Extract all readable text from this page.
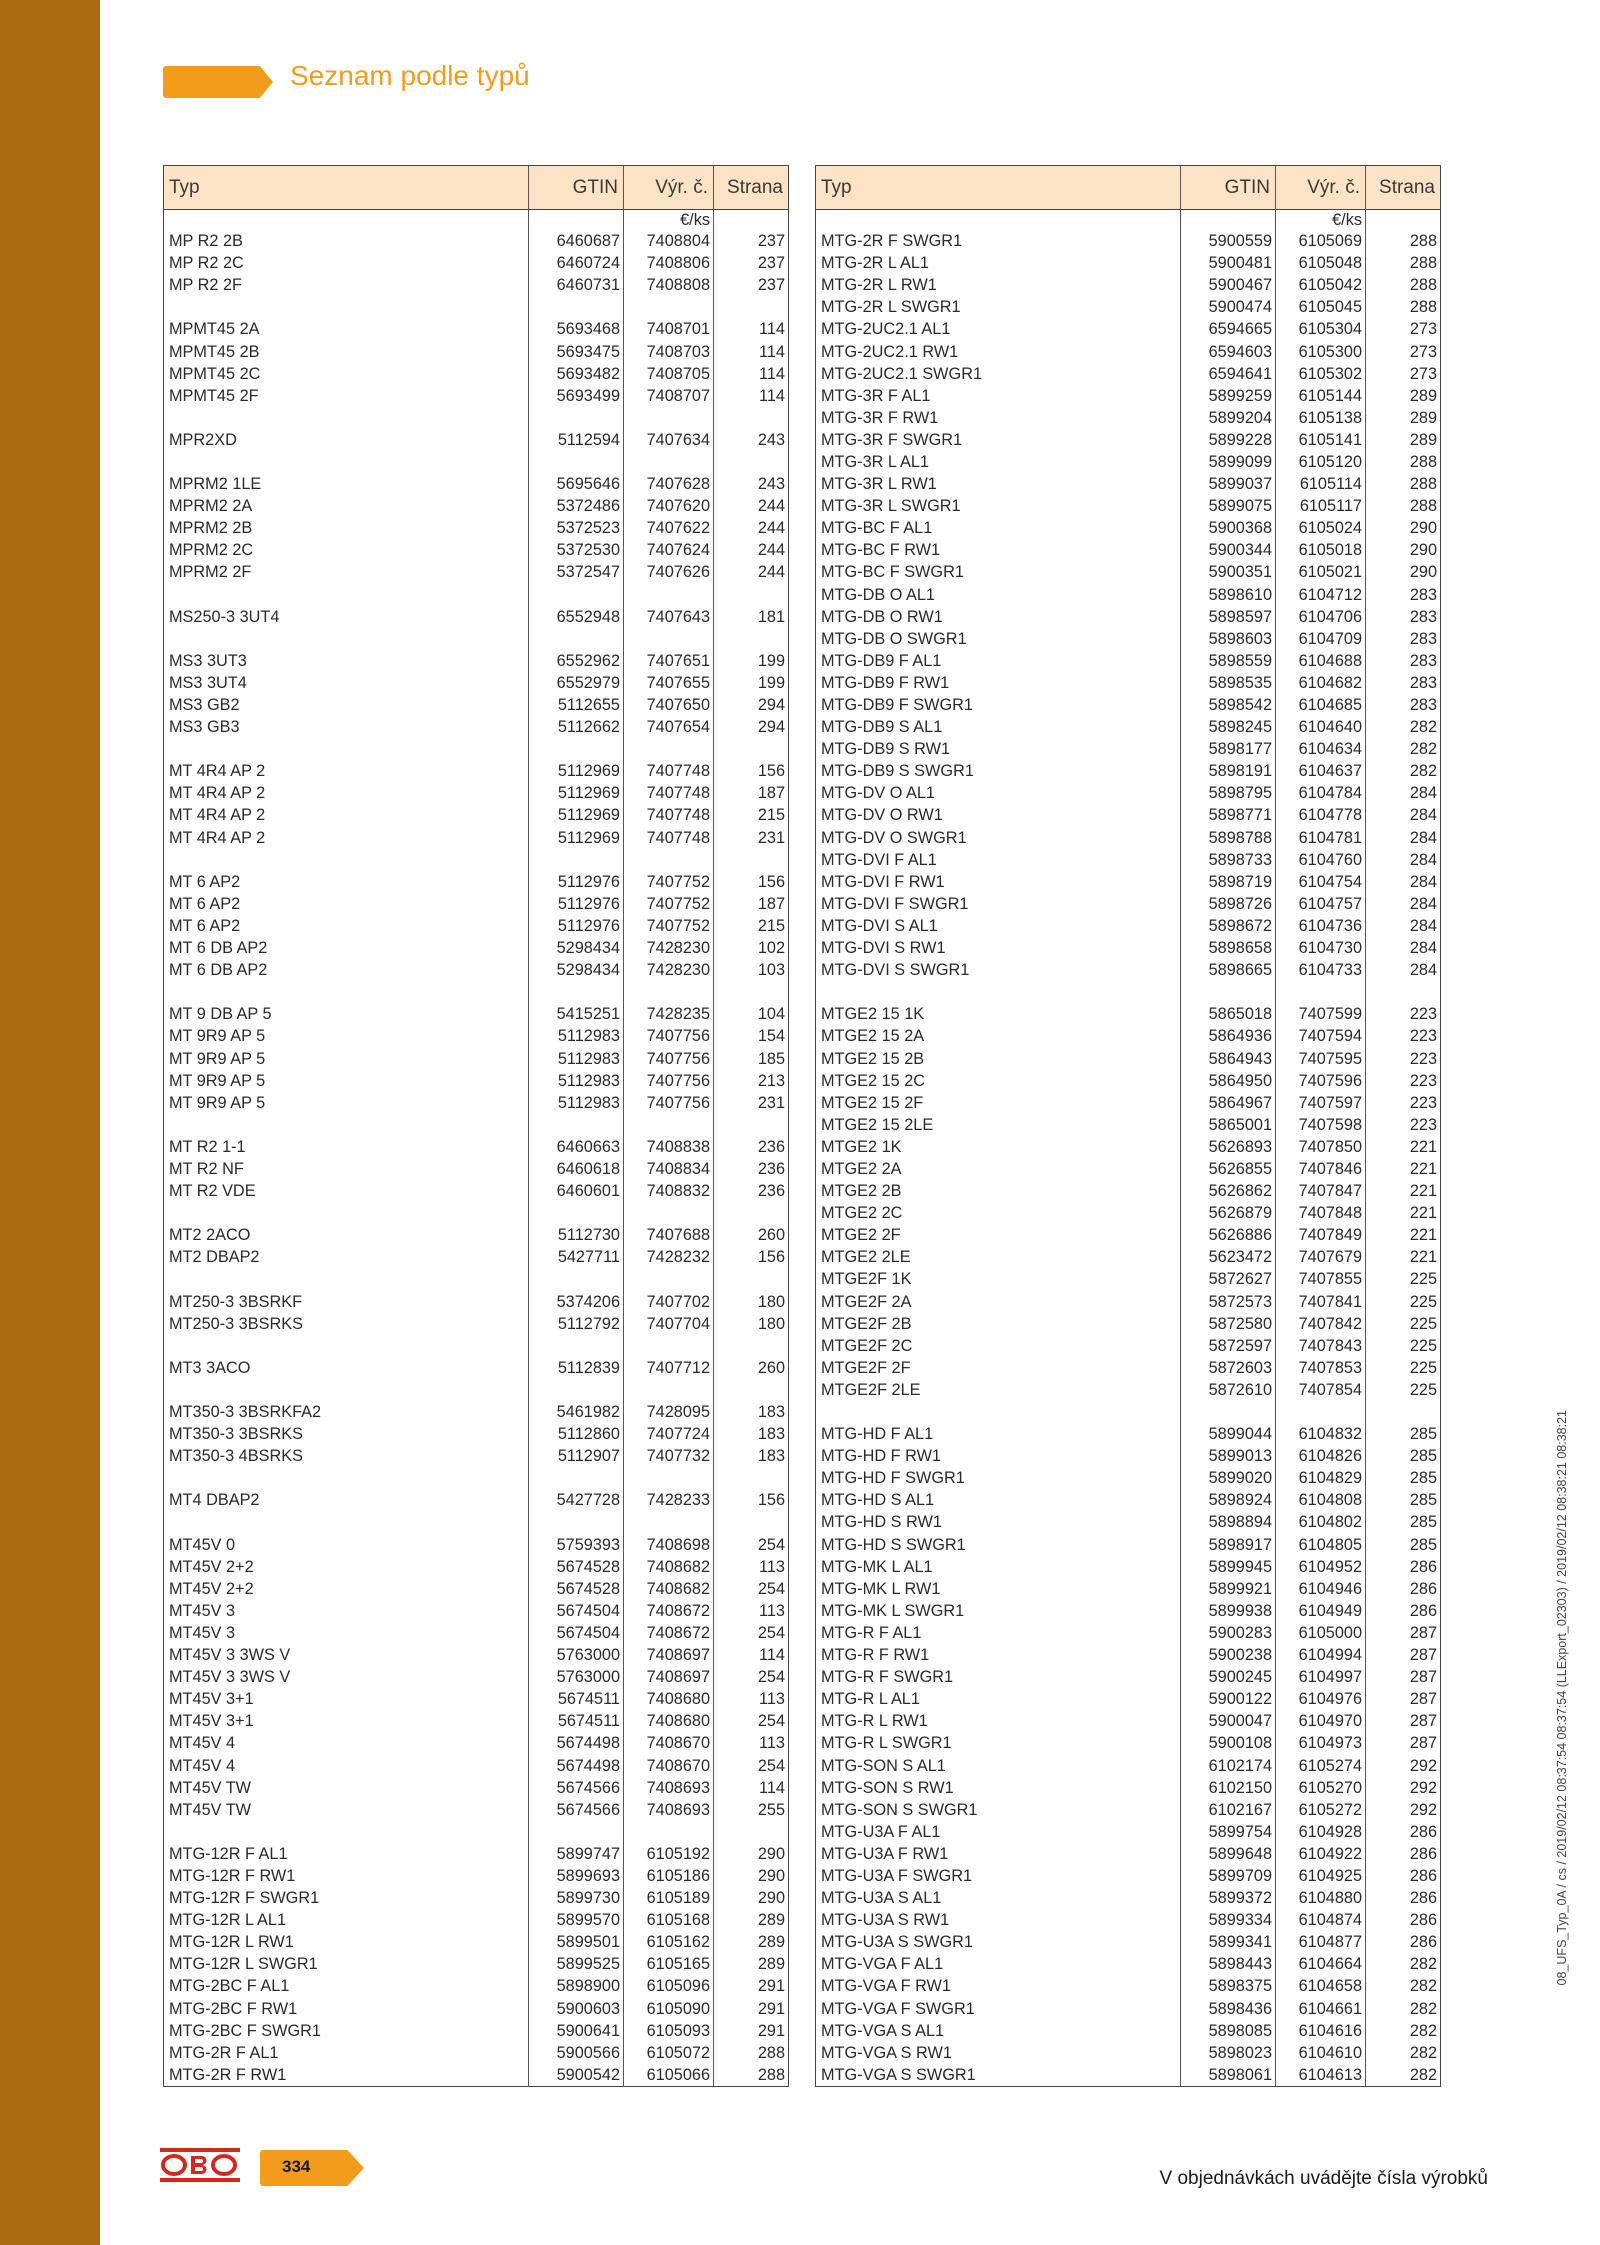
Seznam podle typů
Typ	GTIN	Výr. č.	Strana
		€/ks	
MP R2 2B	6460687	7408804	237
MP R2 2C	6460724	7408806	237
MP R2 2F	6460731	7408808	237

MPMT45 2A	5693468	7408701	114
MPMT45 2B	5693475	7408703	114
MPMT45 2C	5693482	7408705	114
MPMT45 2F	5693499	7408707	114

MPR2XD	5112594	7407634	243

MPRM2 1LE	5695646	7407628	243
MPRM2 2A	5372486	7407620	244
MPRM2 2B	5372523	7407622	244
MPRM2 2C	5372530	7407624	244
MPRM2 2F	5372547	7407626	244

MS250-3 3UT4	6552948	7407643	181

MS3 3UT3	6552962	7407651	199
MS3 3UT4	6552979	7407655	199
MS3 GB2	5112655	7407650	294
MS3 GB3	5112662	7407654	294

MT 4R4 AP 2	5112969	7407748	156
MT 4R4 AP 2	5112969	7407748	187
MT 4R4 AP 2	5112969	7407748	215
MT 4R4 AP 2	5112969	7407748	231

MT 6 AP2	5112976	7407752	156
MT 6 AP2	5112976	7407752	187
MT 6 AP2	5112976	7407752	215
MT 6 DB AP2	5298434	7428230	102
MT 6 DB AP2	5298434	7428230	103

MT 9 DB AP 5	5415251	7428235	104
MT 9R9 AP 5	5112983	7407756	154
MT 9R9 AP 5	5112983	7407756	185
MT 9R9 AP 5	5112983	7407756	213
MT 9R9 AP 5	5112983	7407756	231

MT R2 1-1	6460663	7408838	236
MT R2 NF	6460618	7408834	236
MT R2 VDE	6460601	7408832	236

MT2 2ACO	5112730	7407688	260
MT2 DBAP2	5427711	7428232	156

MT250-3 3BSRKF	5374206	7407702	180
MT250-3 3BSRKS	5112792	7407704	180

MT3 3ACO	5112839	7407712	260

MT350-3 3BSRKFA2	5461982	7428095	183
MT350-3 3BSRKS	5112860	7407724	183
MT350-3 4BSRKS	5112907	7407732	183

MT4 DBAP2	5427728	7428233	156

MT45V 0	5759393	7408698	254
MT45V 2+2	5674528	7408682	113
MT45V 2+2	5674528	7408682	254
MT45V 3	5674504	7408672	113
MT45V 3	5674504	7408672	254
MT45V 3 3WS V	5763000	7408697	114
MT45V 3 3WS V	5763000	7408697	254
MT45V 3+1	5674511	7408680	113
MT45V 3+1	5674511	7408680	254
MT45V 4	5674498	7408670	113
MT45V 4	5674498	7408670	254
MT45V TW	5674566	7408693	114
MT45V TW	5674566	7408693	255

MTG-12R F AL1	5899747	6105192	290
MTG-12R F RW1	5899693	6105186	290
MTG-12R F SWGR1	5899730	6105189	290
MTG-12R L AL1	5899570	6105168	289
MTG-12R L RW1	5899501	6105162	289
MTG-12R L SWGR1	5899525	6105165	289
MTG-2BC F AL1	5898900	6105096	291
MTG-2BC F RW1	5900603	6105090	291
MTG-2BC F SWGR1	5900641	6105093	291
MTG-2R F AL1	5900566	6105072	288
MTG-2R F RW1	5900542	6105066	288
Typ	GTIN	Výr. č.	Strana
		€/ks	
MTG-2R F SWGR1	5900559	6105069	288
MTG-2R L AL1	5900481	6105048	288
MTG-2R L RW1	5900467	6105042	288
MTG-2R L SWGR1	5900474	6105045	288
MTG-2UC2.1 AL1	6594665	6105304	273
MTG-2UC2.1 RW1	6594603	6105300	273
MTG-2UC2.1 SWGR1	6594641	6105302	273
MTG-3R F AL1	5899259	6105144	289
MTG-3R F RW1	5899204	6105138	289
MTG-3R F SWGR1	5899228	6105141	289
MTG-3R L AL1	5899099	6105120	288
MTG-3R L RW1	5899037	6105114	288
MTG-3R L SWGR1	5899075	6105117	288
MTG-BC F AL1	5900368	6105024	290
MTG-BC F RW1	5900344	6105018	290
MTG-BC F SWGR1	5900351	6105021	290
MTG-DB O AL1	5898610	6104712	283
MTG-DB O RW1	5898597	6104706	283
MTG-DB O SWGR1	5898603	6104709	283
MTG-DB9 F AL1	5898559	6104688	283
MTG-DB9 F RW1	5898535	6104682	283
MTG-DB9 F SWGR1	5898542	6104685	283
MTG-DB9 S AL1	5898245	6104640	282
MTG-DB9 S RW1	5898177	6104634	282
MTG-DB9 S SWGR1	5898191	6104637	282
MTG-DV O AL1	5898795	6104784	284
MTG-DV O RW1	5898771	6104778	284
MTG-DV O SWGR1	5898788	6104781	284
MTG-DVI F AL1	5898733	6104760	284
MTG-DVI F RW1	5898719	6104754	284
MTG-DVI F SWGR1	5898726	6104757	284
MTG-DVI S AL1	5898672	6104736	284
MTG-DVI S RW1	5898658	6104730	284
MTG-DVI S SWGR1	5898665	6104733	284

MTGE2 15 1K	5865018	7407599	223
MTGE2 15 2A	5864936	7407594	223
MTGE2 15 2B	5864943	7407595	223
MTGE2 15 2C	5864950	7407596	223
MTGE2 15 2F	5864967	7407597	223
MTGE2 15 2LE	5865001	7407598	223
MTGE2 1K	5626893	7407850	221
MTGE2 2A	5626855	7407846	221
MTGE2 2B	5626862	7407847	221
MTGE2 2C	5626879	7407848	221
MTGE2 2F	5626886	7407849	221
MTGE2 2LE	5623472	7407679	221
MTGE2F 1K	5872627	7407855	225
MTGE2F 2A	5872573	7407841	225
MTGE2F 2B	5872580	7407842	225
MTGE2F 2C	5872597	7407843	225
MTGE2F 2F	5872603	7407853	225
MTGE2F 2LE	5872610	7407854	225

MTG-HD F AL1	5899044	6104832	285
MTG-HD F RW1	5899013	6104826	285
MTG-HD F SWGR1	5899020	6104829	285
MTG-HD S AL1	5898924	6104808	285
MTG-HD S RW1	5898894	6104802	285
MTG-HD S SWGR1	5898917	6104805	285
MTG-MK L AL1	5899945	6104952	286
MTG-MK L RW1	5899921	6104946	286
MTG-MK L SWGR1	5899938	6104949	286
MTG-R F AL1	5900283	6105000	287
MTG-R F RW1	5900238	6104994	287
MTG-R F SWGR1	5900245	6104997	287
MTG-R L AL1	5900122	6104976	287
MTG-R L RW1	5900047	6104970	287
MTG-R L SWGR1	5900108	6104973	287
MTG-SON S AL1	6102174	6105274	292
MTG-SON S RW1	6102150	6105270	292
MTG-SON S SWGR1	6102167	6105272	292
MTG-U3A F AL1	5899754	6104928	286
MTG-U3A F RW1	5899648	6104922	286
MTG-U3A F SWGR1	5899709	6104925	286
MTG-U3A S AL1	5899372	6104880	286
MTG-U3A S RW1	5899334	6104874	286
MTG-U3A S SWGR1	5899341	6104877	286
MTG-VGA F AL1	5898443	6104664	282
MTG-VGA F RW1	5898375	6104658	282
MTG-VGA F SWGR1	5898436	6104661	282
MTG-VGA S AL1	5898085	6104616	282
MTG-VGA S RW1	5898023	6104610	282
MTG-VGA S SWGR1	5898061	6104613	282
334
V objednávkách uvádějte čísla výrobků
08_UFS_Typ_0A / cs / 2019/02/12 08:37:54 08:37:54 (LLExport_02303) / 2019/02/12 08:38:21 08:38:21
